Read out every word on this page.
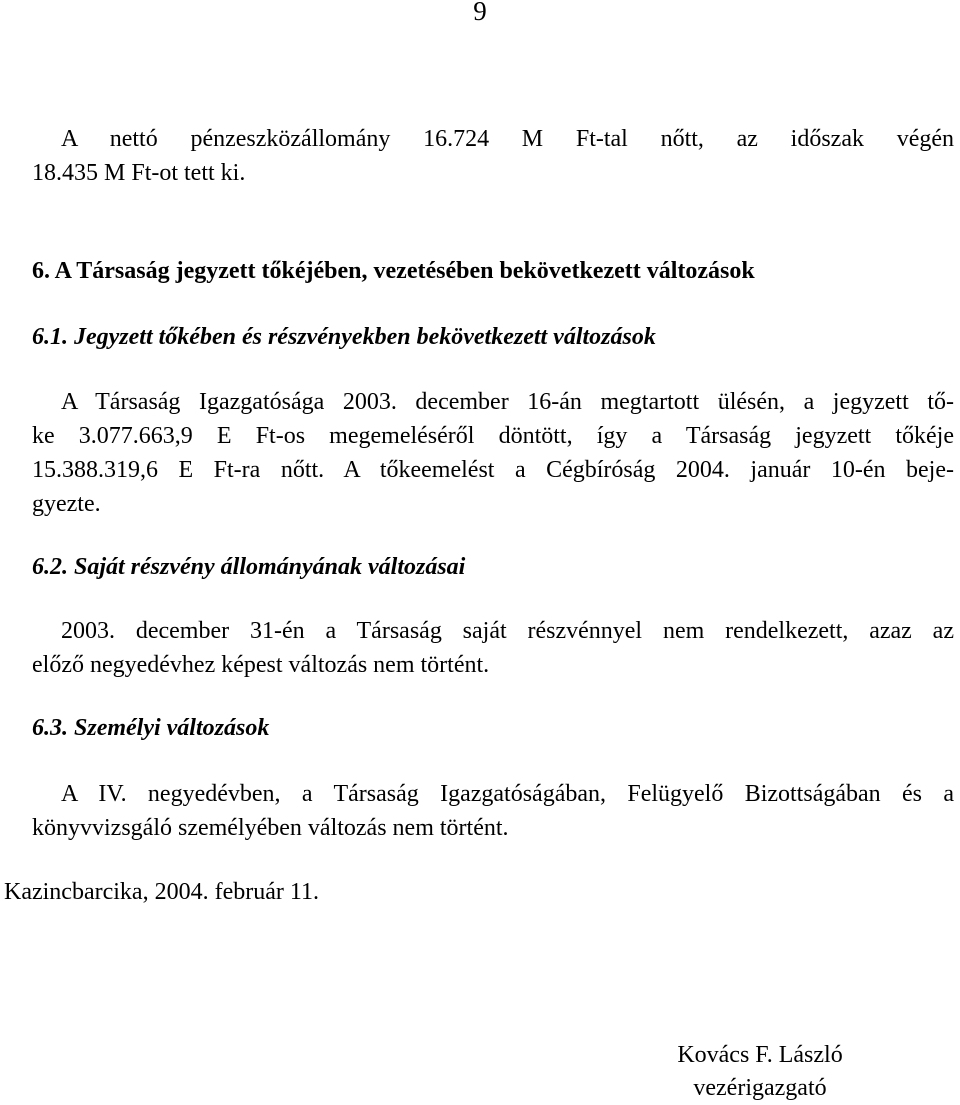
9
A nettó pénzeszközállomány 16.724 M Ft-tal nőtt, az időszak végén
18.435 M Ft-ot tett ki.
6. A Társaság jegyzett tőkéjében, vezetésében bekövetkezett változások
6.1. Jegyzett tőkében és részvényekben bekövetkezett változások
A Társaság Igazgatósága 2003. december 16-án megtartott ülésén, a jegyzett tő-
ke 3.077.663,9 E Ft-os megemeléséről döntött, így a Társaság jegyzett tőkéje
15.388.319,6 E Ft-ra nőtt. A tőkeemelést a Cégbíróság 2004. január 10-én beje-
gyezte.
6.2. Saját részvény állományának változásai
2003. december 31-én a Társaság saját részvénnyel nem rendelkezett, azaz az
előző negyedévhez képest változás nem történt.
6.3. Személyi változások
A IV. negyedévben, a Társaság Igazgatóságában, Felügyelő Bizottságában és a
könyvvizsgáló személyében változás nem történt.
Kazincbarcika, 2004. február 11.
Kovács F. László
vezérigazgató
